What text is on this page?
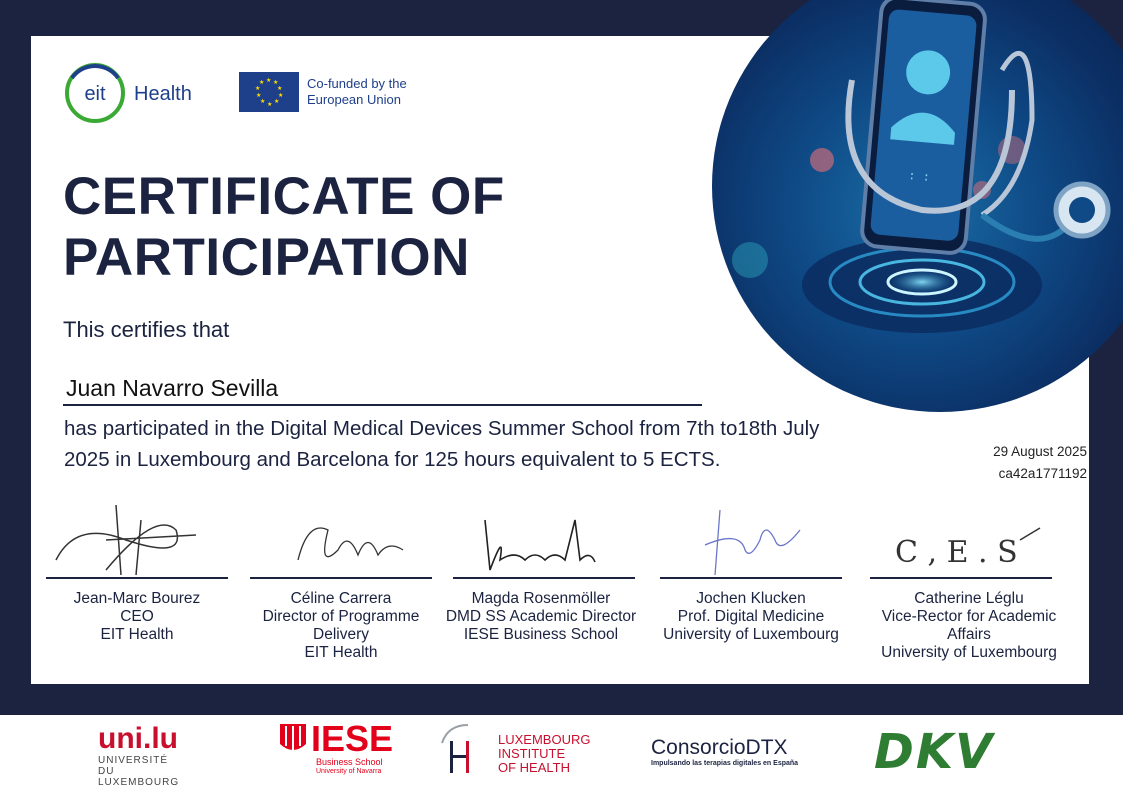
: :
eit Health
★ ★
★
★
★
★
★
★
★
★	Co-funded by the
European Union
CERTIFICATE OF
PARTICIPATION
This certifies that
Juan Navarro Sevilla
has participated in the Digital Medical Devices Summer School from 7th to18th July
2025 in Luxembourg and Barcelona for 125 hours equivalent to 5 ECTS.	29 August 2025
ca42a1771192
C , E . S
Jean-Marc Bourez
CEO
EIT Health
Céline Carrera
Director of Programme
Delivery
EIT Health
Magda Rosenmöller
DMD SS Academic Director
IESE Business School
Jochen Klucken
Prof. Digital Medicine
University of Luxembourg
Catherine Léglu
Vice-Rector for Academic
Affairs
University of Luxembourg
uni.lu
UNIVERSITÉ DU
LUXEMBOURG
IESE
Business School
University of Navarra
LUXEMBOURG
INSTITUTE
OF HEALTH
ConsorcioDTX
Impulsando las terapias digitales en España	DKV
